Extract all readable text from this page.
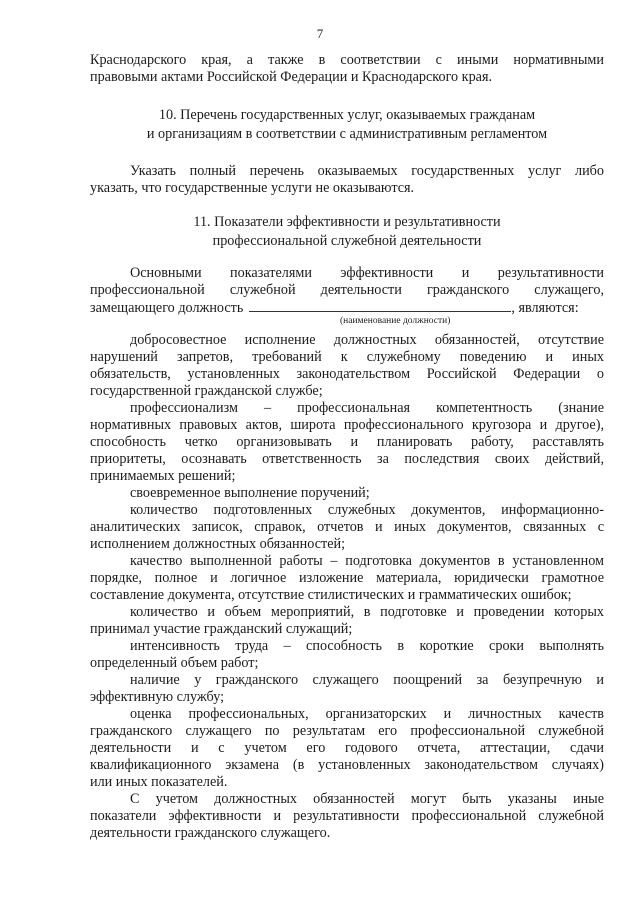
7
Краснодарского края, а также в соответствии с иными нормативными
правовыми актами Российской Федерации и Краснодарского края.
10. Перечень государственных услуг, оказываемых гражданам
и организациям в соответствии с административным регламентом
Указать полный перечень оказываемых государственных услуг либо
указать, что государственные услуги не оказываются.
11. Показатели эффективности и результативности
профессиональной служебной деятельности
Основными показателями эффективности и результативности
профессиональной служебной деятельности гражданского служащего,
замещающего должность	, являются:
(наименование должности)
добросовестное исполнение должностных обязанностей, отсутствие
нарушений запретов, требований к служебному поведению и иных
обязательств, установленных законодательством Российской Федерации о
государственной гражданской службе;
профессионализм – профессиональная компетентность (знание
нормативных правовых актов, широта профессионального кругозора и другое),
способность четко организовывать и планировать работу, расставлять
приоритеты, осознавать ответственность за последствия своих действий,
принимаемых решений;
своевременное выполнение поручений;
количество подготовленных служебных документов, информационно-
аналитических записок, справок, отчетов и иных документов, связанных с
исполнением должностных обязанностей;
качество выполненной работы – подготовка документов в установленном
порядке, полное и логичное изложение материала, юридически грамотное
составление документа, отсутствие стилистических и грамматических ошибок;
количество и объем мероприятий, в подготовке и проведении которых
принимал участие гражданский служащий;
интенсивность труда – способность в короткие сроки выполнять
определенный объем работ;
наличие у гражданского служащего поощрений за безупречную и
эффективную службу;
оценка профессиональных, организаторских и личностных качеств
гражданского служащего по результатам его профессиональной служебной
деятельности и с учетом его годового отчета, аттестации, сдачи
квалификационного экзамена (в установленных законодательством случаях)
или иных показателей.
С учетом должностных обязанностей могут быть указаны иные
показатели эффективности и результативности профессиональной служебной
деятельности гражданского служащего.
